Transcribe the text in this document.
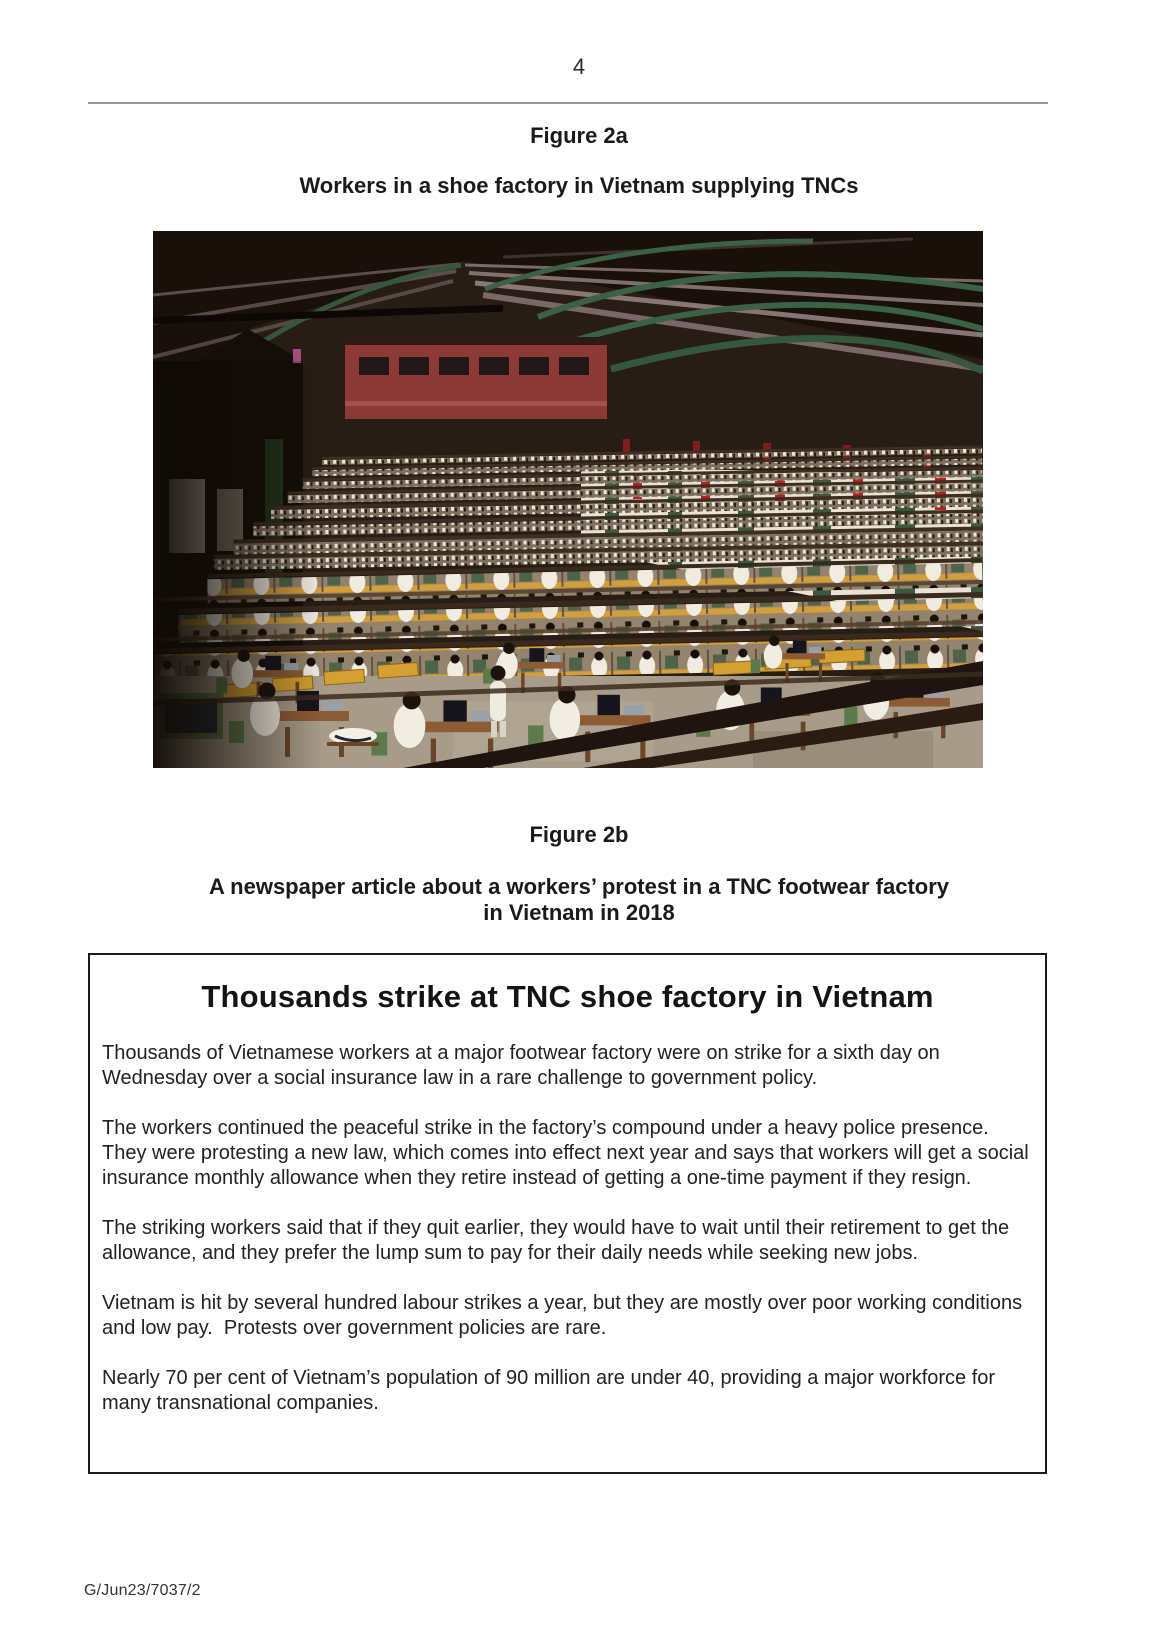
4
Figure 2a
Workers in a shoe factory in Vietnam supplying TNCs
Figure 2b
A newspaper article about a workers’ protest in a TNC footwear factory
in Vietnam in 2018
Thousands strike at TNC shoe factory in Vietnam

Thousands of Vietnamese workers at a major footwear factory were on strike for a sixth day on Wednesday over a social insurance law in a rare challenge to government policy.

The workers continued the peaceful strike in the factory’s compound under a heavy police presence.  They were protesting a new law, which comes into effect next year and says that workers will get a social insurance monthly allowance when they retire instead of getting a one-time payment if they resign.

The striking workers said that if they quit earlier, they would have to wait until their retirement to get the allowance, and they prefer the lump sum to pay for their daily needs while seeking new jobs.

Vietnam is hit by several hundred labour strikes a year, but they are mostly over poor working conditions and low pay.  Protests over government policies are rare.

Nearly 70 per cent of Vietnam’s population of 90 million are under 40, providing a major workforce for many transnational companies.

G/Jun23/7037/2
